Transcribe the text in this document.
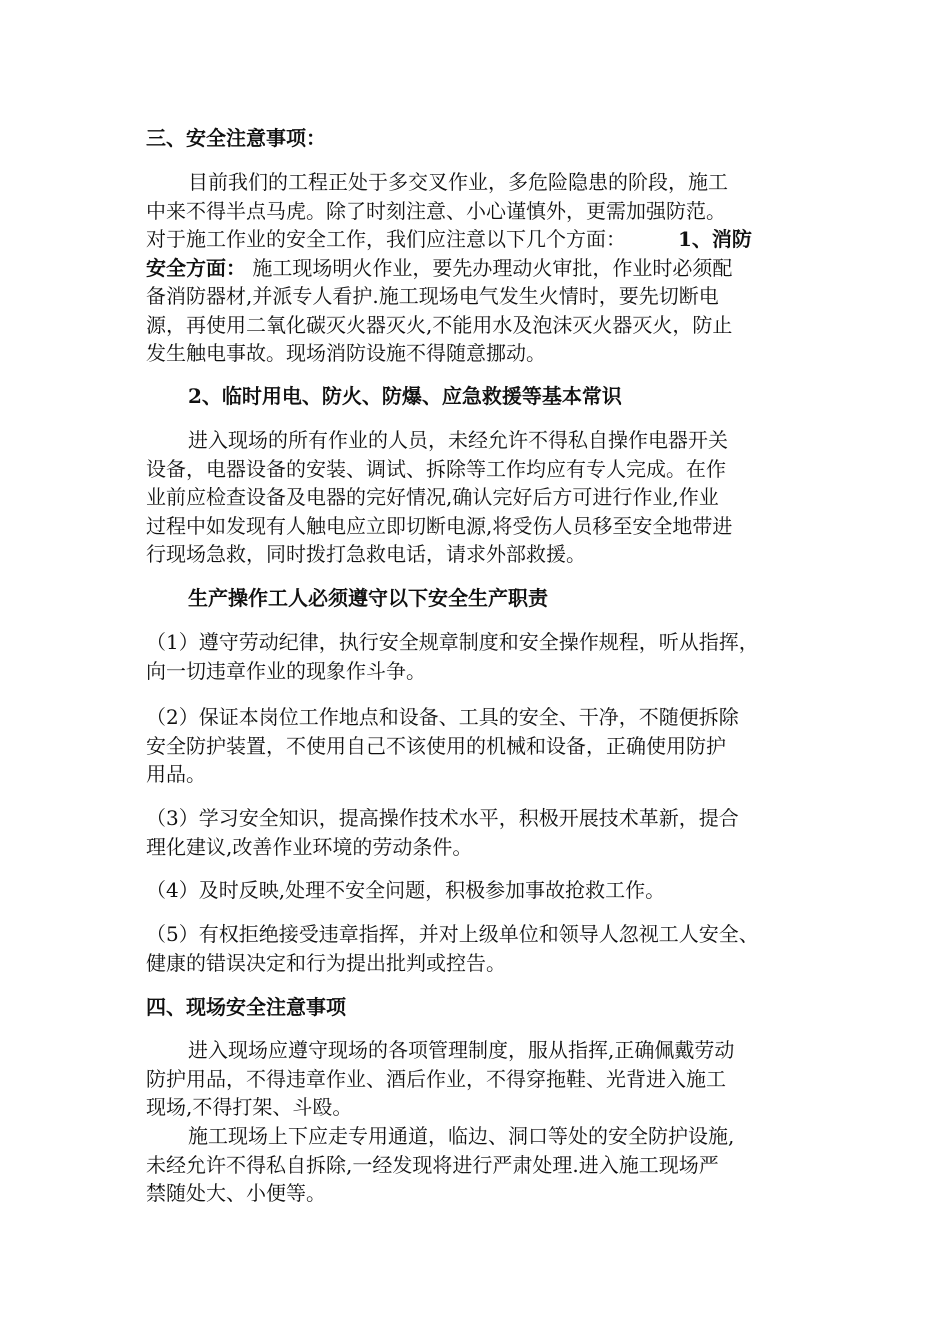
三、安全注意事项：

目前我们的工程正处于多交叉作业，多危险隐患的阶段，施工
中来不得半点马虎。除了时刻注意、小心谨慎外，更需加强防范。
对于施工作业的安全工作，我们应注意以下几个方面：	1、消防
安全方面： 施工现场明火作业，要先办理动火审批，作业时必须配
备消防器材,并派专人看护.施工现场电气发生火情时，要先切断电
源，再使用二氧化碳灭火器灭火,不能用水及泡沫灭火器灭火，防止
发生触电事故。现场消防设施不得随意挪动。

2、临时用电、防火、防爆、应急救援等基本常识

进入现场的所有作业的人员，未经允许不得私自操作电器开关
设备，电器设备的安装、调试、拆除等工作均应有专人完成。在作
业前应检查设备及电器的完好情况,确认完好后方可进行作业,作业
过程中如发现有人触电应立即切断电源,将受伤人员移至安全地带进
行现场急救，同时拨打急救电话，请求外部救援。

生产操作工人必须遵守以下安全生产职责

（1）遵守劳动纪律，执行安全规章制度和安全操作规程，听从指挥，
向一切违章作业的现象作斗争。
（2）保证本岗位工作地点和设备、工具的安全、干净，不随便拆除
安全防护装置，不使用自己不该使用的机械和设备，正确使用防护
用品。
（3）学习安全知识，提高操作技术水平，积极开展技术革新，提合
理化建议,改善作业环境的劳动条件。
（4）及时反映,处理不安全问题，积极参加事故抢救工作。
（5）有权拒绝接受违章指挥，并对上级单位和领导人忽视工人安全、
健康的错误决定和行为提出批判或控告。

四、现场安全注意事项

进入现场应遵守现场的各项管理制度，服从指挥,正确佩戴劳动
防护用品，不得违章作业、酒后作业，不得穿拖鞋、光背进入施工
现场,不得打架、斗殴。
施工现场上下应走专用通道，临边、洞口等处的安全防护设施,
未经允许不得私自拆除,一经发现将进行严肃处理.进入施工现场严
禁随处大、小便等。
